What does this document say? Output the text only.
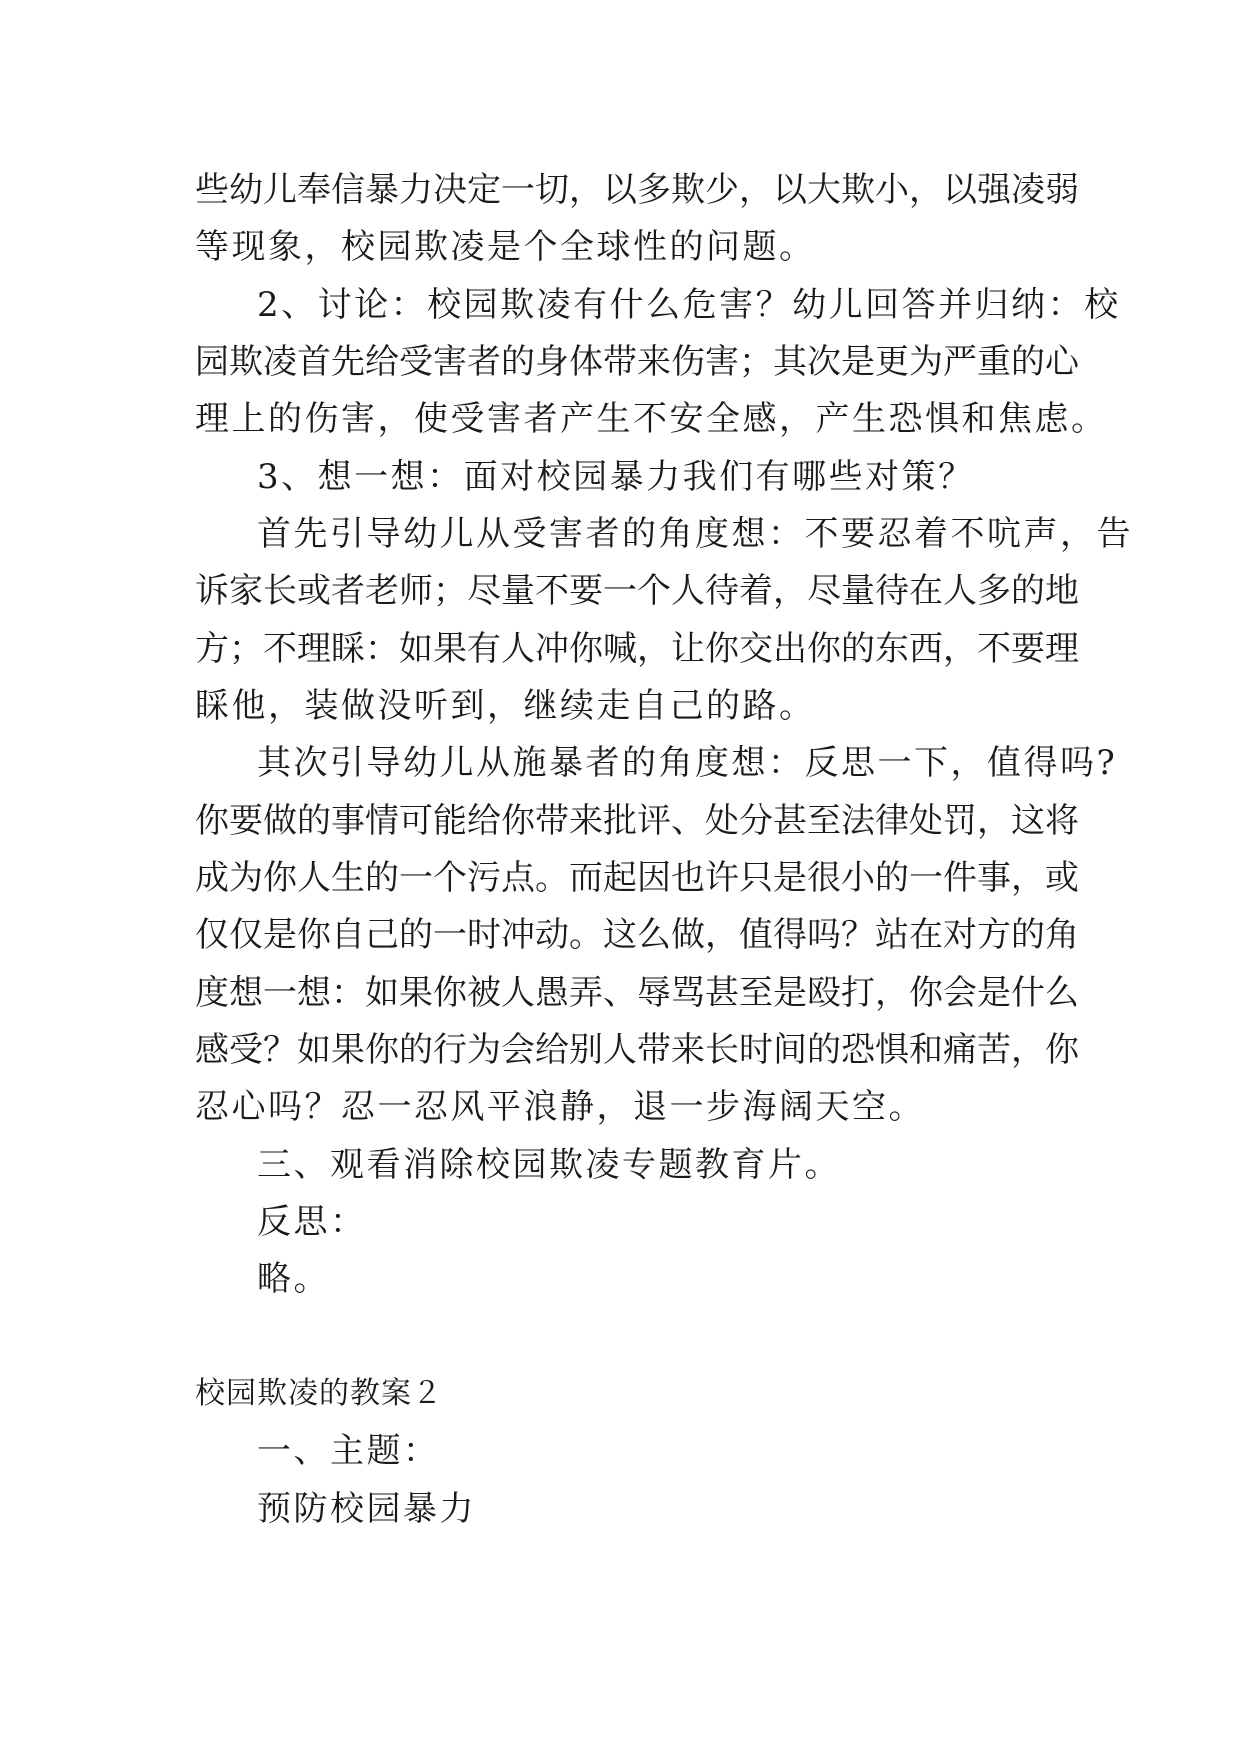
些幼儿奉信暴力决定一切，以多欺少，以大欺小，以强凌弱
等现象，校园欺凌是个全球性的问题。
2、讨论：校园欺凌有什么危害？幼儿回答并归纳：校
园欺凌首先给受害者的身体带来伤害；其次是更为严重的心
理上的伤害，使受害者产生不安全感，产生恐惧和焦虑。
3、想一想：面对校园暴力我们有哪些对策？
首先引导幼儿从受害者的角度想：不要忍着不吭声，告
诉家长或者老师；尽量不要一个人待着，尽量待在人多的地
方；不理睬：如果有人冲你喊，让你交出你的东西，不要理
睬他，装做没听到，继续走自己的路。
其次引导幼儿从施暴者的角度想：反思一下，值得吗?
你要做的事情可能给你带来批评、处分甚至法律处罚，这将
成为你人生的一个污点。而起因也许只是很小的一件事，或
仅仅是你自己的一时冲动。这么做，值得吗？站在对方的角
度想一想：如果你被人愚弄、辱骂甚至是殴打，你会是什么
感受？如果你的行为会给别人带来长时间的恐惧和痛苦，你
忍心吗？忍一忍风平浪静，退一步海阔天空。
三、观看消除校园欺凌专题教育片。
反思：
略。
校园欺凌的教案２
一、主题：
预防校园暴力
